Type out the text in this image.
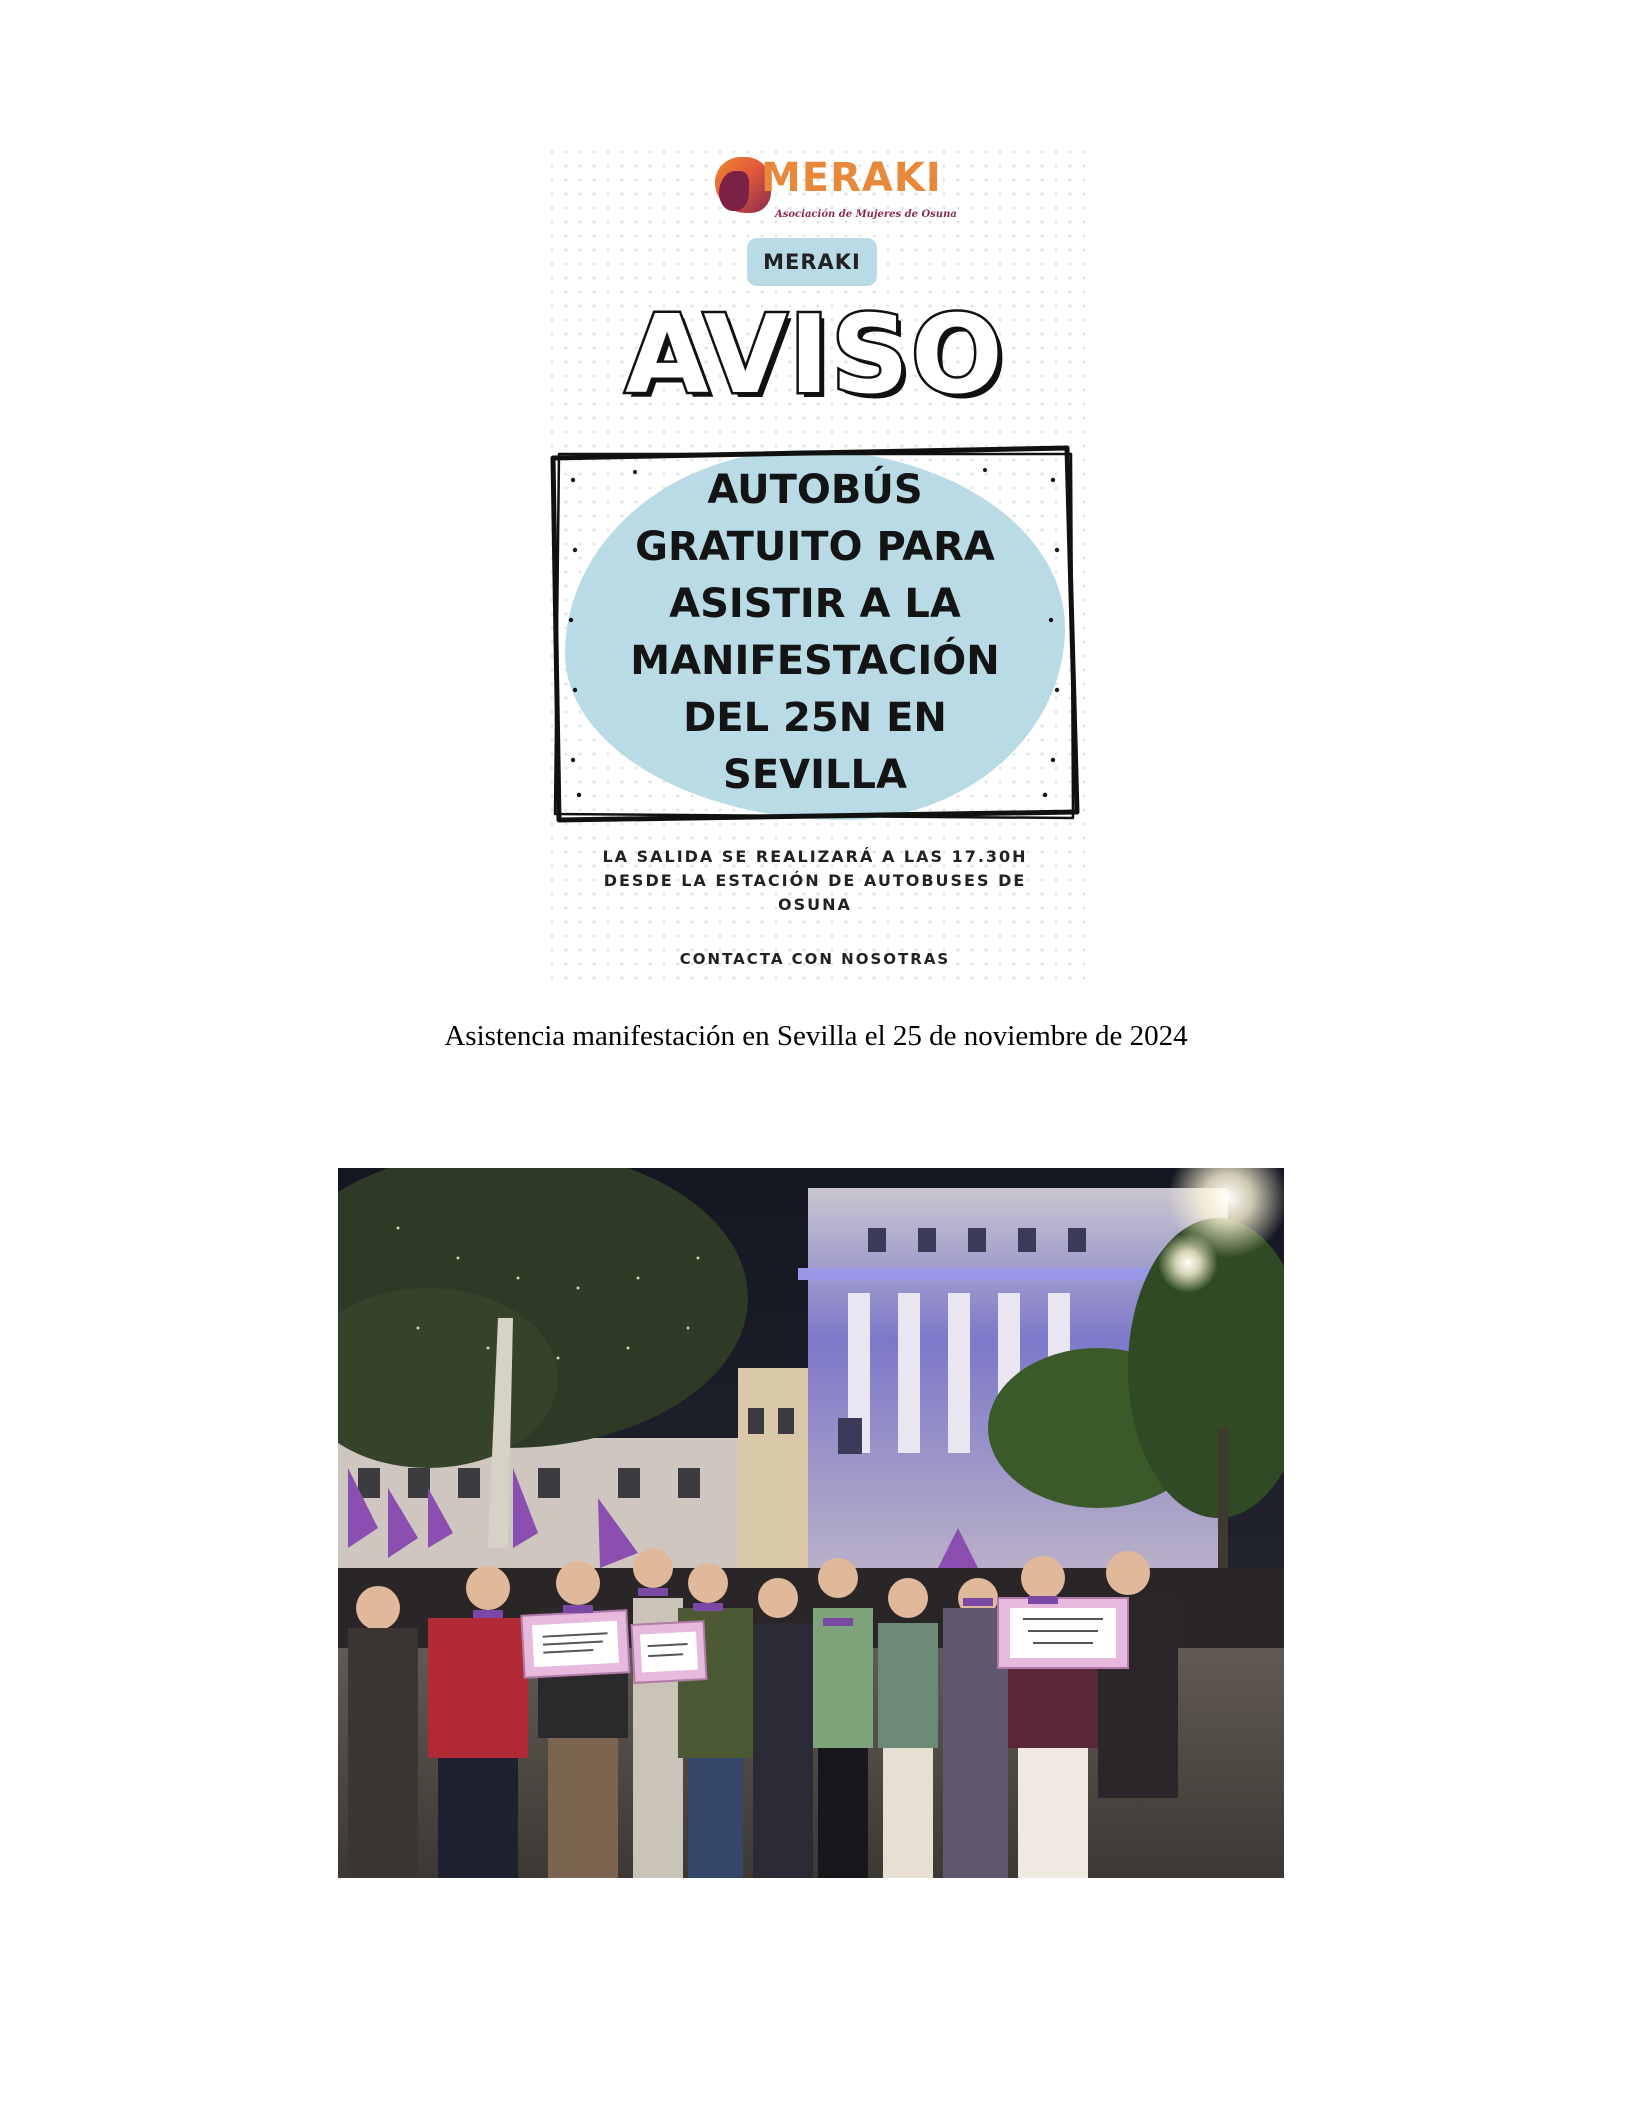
MERAKI
Asociación de Mujeres de Osuna
MERAKI
AVISO
AUTOBÚS
GRATUITO PARA
ASISTIR A LA
MANIFESTACIÓN
DEL 25N EN
SEVILLA
LA SALIDA SE REALIZARÁ A LAS 17.30H
DESDE LA ESTACIÓN DE AUTOBUSES DE
OSUNA
CONTACTA CON NOSOTRAS
Asistencia manifestación en Sevilla el 25 de noviembre de 2024
